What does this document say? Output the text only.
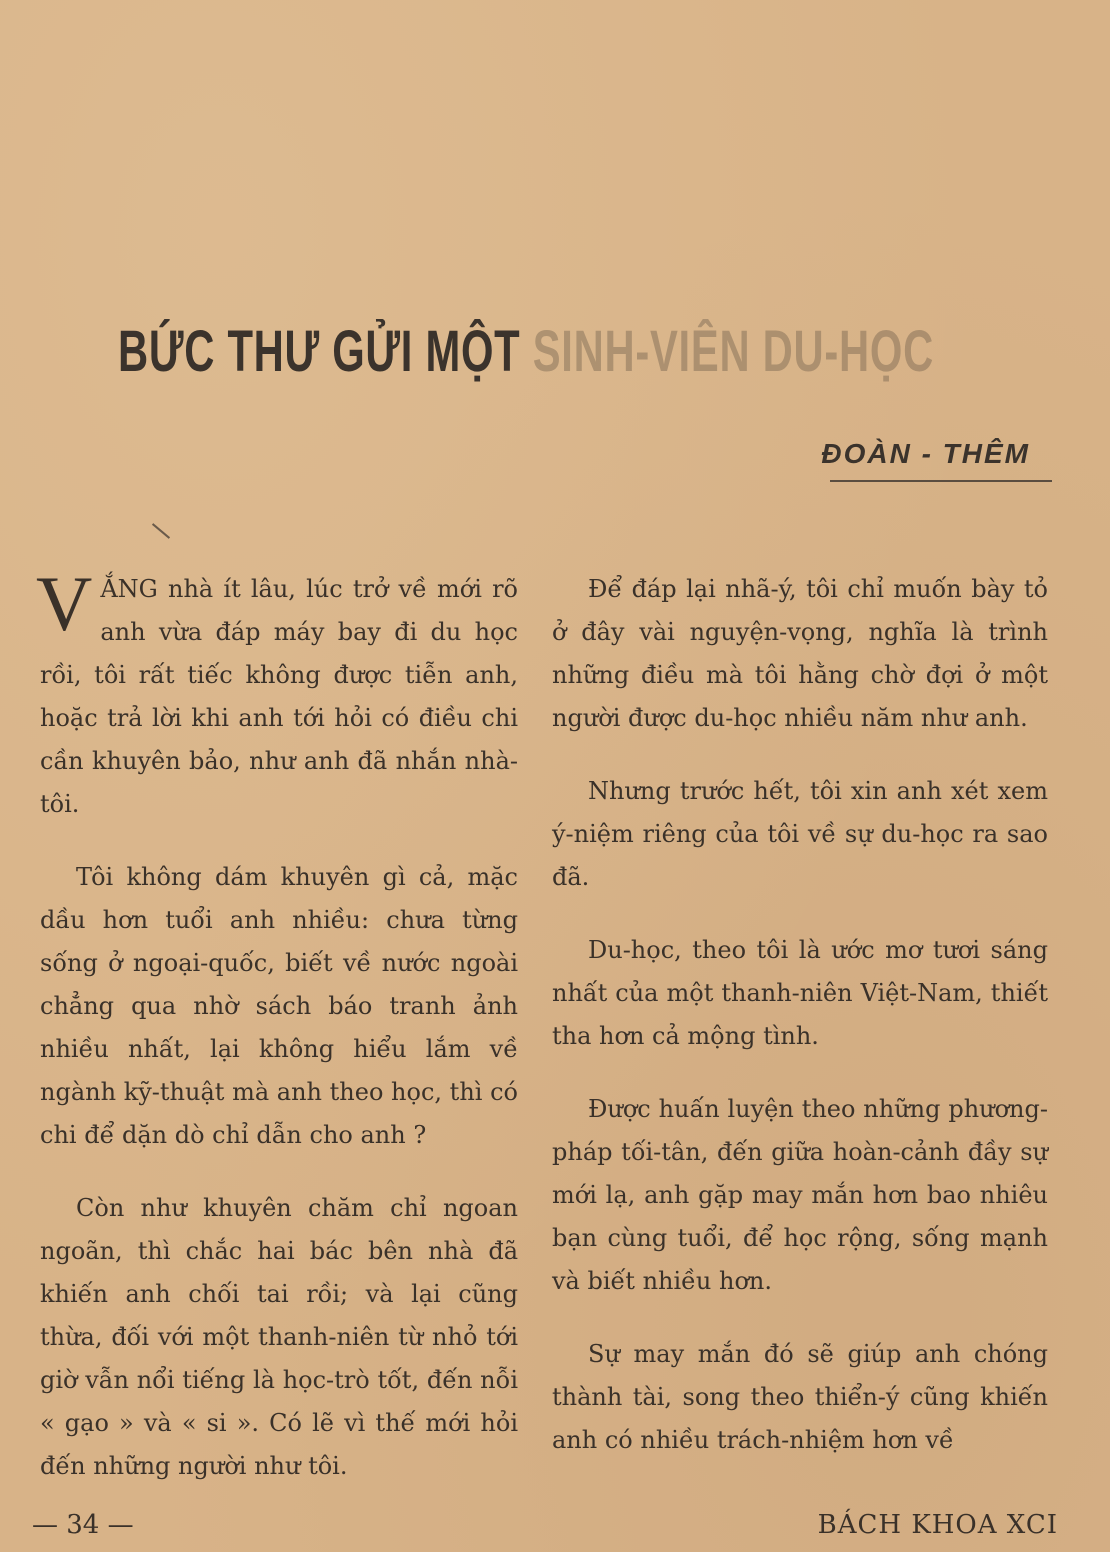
BỨC THƯ GỬI MỘT SINH-VIÊN DU-HỌC
ĐOÀN - THÊM

VẮNG nhà ít lâu, lúc trở về mới rõ anh vừa đáp máy bay đi du học rồi, tôi rất tiếc không được tiễn anh, hoặc trả lời khi anh tới hỏi có điều chi cần khuyên bảo, như anh đã nhắn nhà-tôi.

Tôi không dám khuyên gì cả, mặc dầu hơn tuổi anh nhiều: chưa từng sống ở ngoại-quốc, biết về nước ngoài chẳng qua nhờ sách báo tranh ảnh nhiều nhất, lại không hiểu lắm về ngành kỹ-thuật mà anh theo học, thì có chi để dặn dò chỉ dẫn cho anh ?

Còn như khuyên chăm chỉ ngoan ngoãn, thì chắc hai bác bên nhà đã khiến anh chối tai rồi; và lại cũng thừa, đối với một thanh-niên từ nhỏ tới giờ vẫn nổi tiếng là học-trò tốt, đến nỗi « gạo » và « si ». Có lẽ vì thế mới hỏi đến những người như tôi.

Để đáp lại nhã-ý, tôi chỉ muốn bày tỏ ở đây vài nguyện-vọng, nghĩa là trình những điều mà tôi hằng chờ đợi ở một người được du-học nhiều năm như anh.

Nhưng trước hết, tôi xin anh xét xem ý-niệm riêng của tôi về sự du-học ra sao đã.

Du-học, theo tôi là ước mơ tươi sáng nhất của một thanh-niên Việt-Nam, thiết tha hơn cả mộng tình.

Được huấn luyện theo những phương-pháp tối-tân, đến giữa hoàn-cảnh đầy sự mới lạ, anh gặp may mắn hơn bao nhiêu bạn cùng tuổi, để học rộng, sống mạnh và biết nhiều hơn.

Sự may mắn đó sẽ giúp anh chóng thành tài, song theo thiển-ý cũng khiến anh có nhiều trách-nhiệm hơn về

— 34 —	BÁCH KHOA XCI
